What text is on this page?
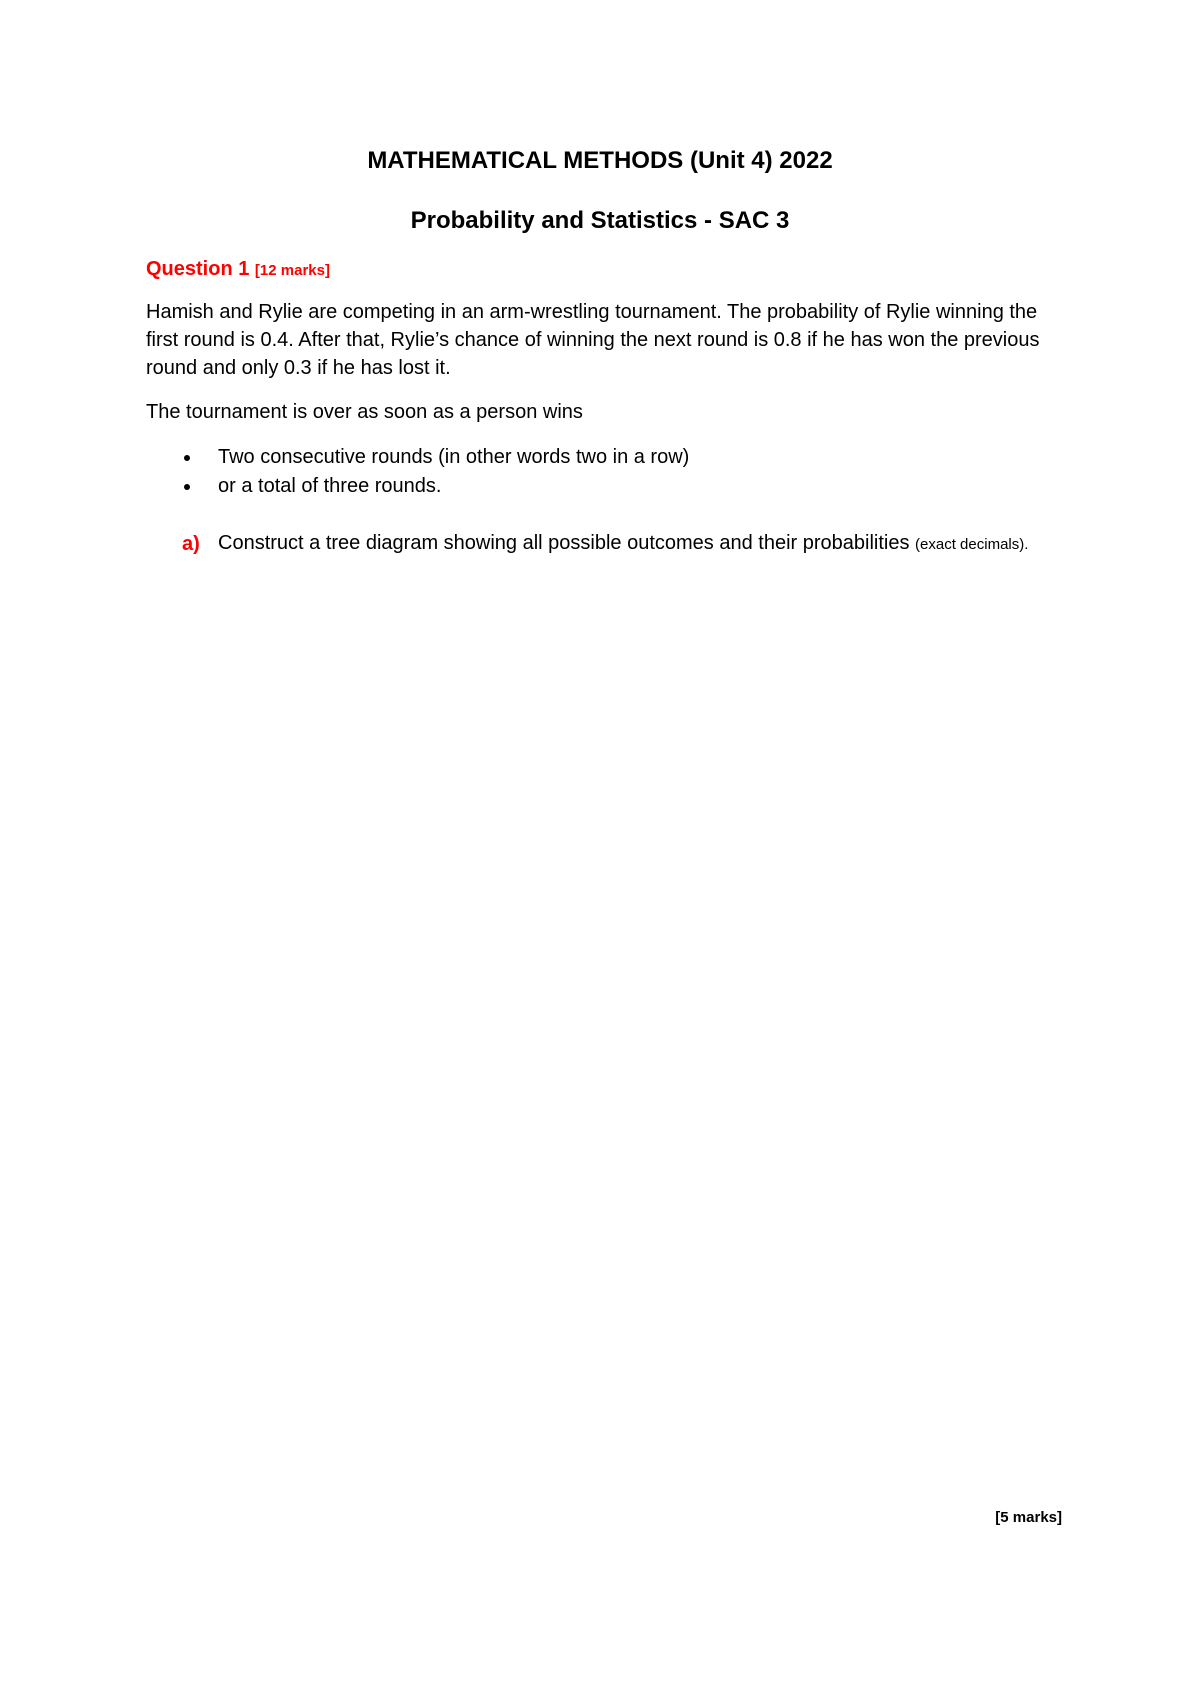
MATHEMATICAL METHODS (Unit 4) 2022
Probability and Statistics - SAC 3
Question 1 [12 marks]

Hamish and Rylie are competing in an arm-wrestling tournament. The probability of Rylie winning the first round is 0.4. After that, Rylie’s chance of winning the next round is 0.8 if he has won the previous round and only 0.3 if he has lost it.

The tournament is over as soon as a person wins

Two consecutive rounds (in other words two in a row)
or a total of three rounds.
a) Construct a tree diagram showing all possible outcomes and their probabilities (exact decimals).

[5 marks]
